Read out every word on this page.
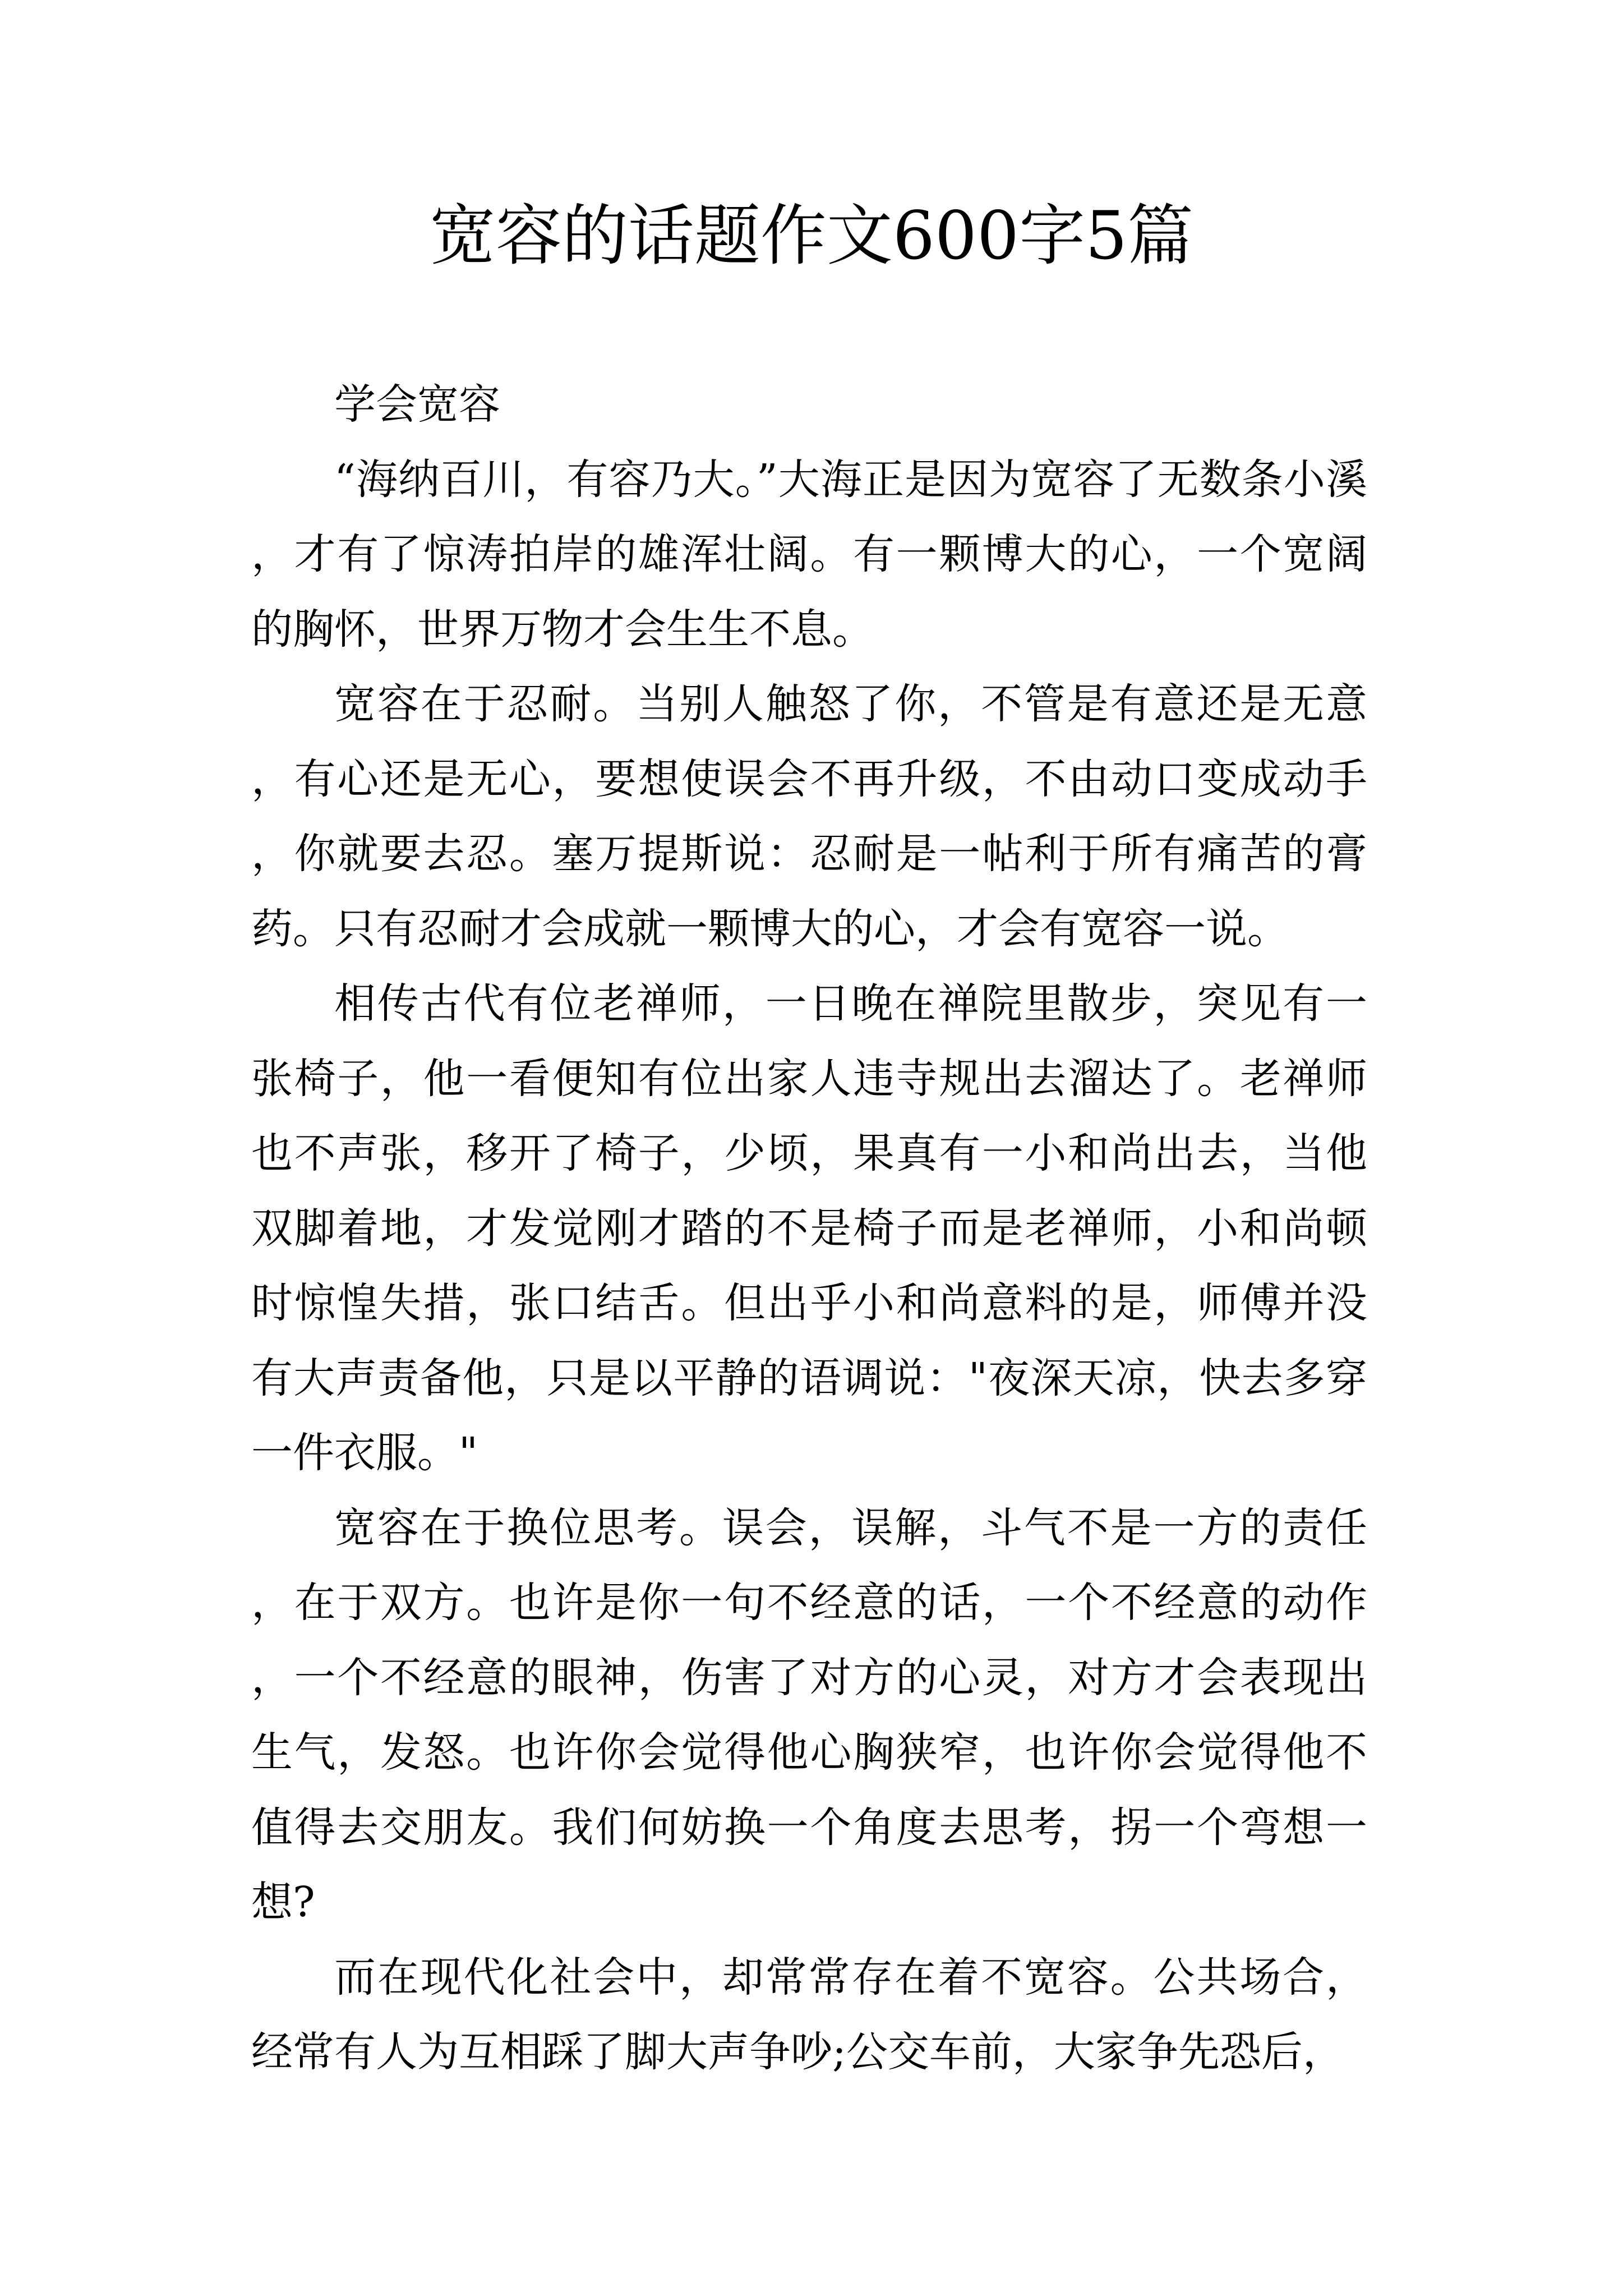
宽容的话题作文600字5篇

学会宽容

“海纳百川，有容乃大。”大海正是因为宽容了无数条小溪，才有了惊涛拍岸的雄浑壮阔。有一颗博大的心，一个宽阔的胸怀，世界万物才会生生不息。

宽容在于忍耐。当别人触怒了你，不管是有意还是无意，有心还是无心，要想使误会不再升级，不由动口变成动手，你就要去忍。塞万提斯说：忍耐是一帖利于所有痛苦的膏药。只有忍耐才会成就一颗博大的心，才会有宽容一说。

相传古代有位老禅师，一日晚在禅院里散步，突见有一张椅子，他一看便知有位出家人违寺规出去溜达了。老禅师也不声张，移开了椅子，少顷，果真有一小和尚出去，当他双脚着地，才发觉刚才踏的不是椅子而是老禅师，小和尚顿时惊惶失措，张口结舌。但出乎小和尚意料的是，师傅并没有大声责备他，只是以平静的语调说："夜深天凉，快去多穿一件衣服。"

宽容在于换位思考。误会，误解，斗气不是一方的责任，在于双方。也许是你一句不经意的话，一个不经意的动作，一个不经意的眼神，伤害了对方的心灵，对方才会表现出生气，发怒。也许你会觉得他心胸狭窄，也许你会觉得他不值得去交朋友。我们何妨换一个角度去思考，拐一个弯想一想?

而在现代化社会中，却常常存在着不宽容。公共场合，经常有人为互相踩了脚大声争吵;公交车前，大家争先恐后，
